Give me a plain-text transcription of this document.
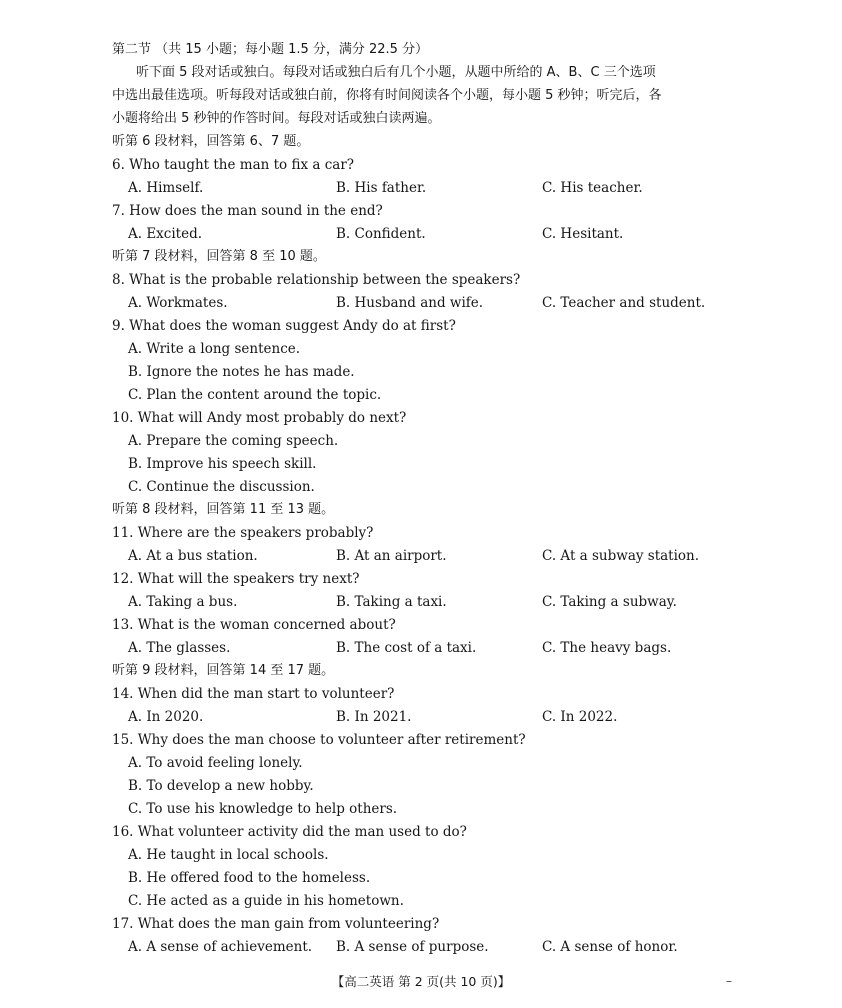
第二节 （共 15 小题；每小题 1.5 分，满分 22.5 分）
听下面 5 段对话或独白。每段对话或独白后有几个小题，从题中所给的 A、B、C 三个选项
中选出最佳选项。听每段对话或独白前，你将有时间阅读各个小题，每小题 5 秒钟；听完后，各
小题将给出 5 秒钟的作答时间。每段对话或独白读两遍。
听第 6 段材料，回答第 6、7 题。
6. Who taught the man to fix a car?
A. Himself.	B. His father.	C. His teacher.
7. How does the man sound in the end?
A. Excited.	B. Confident.	C. Hesitant.
听第 7 段材料，回答第 8 至 10 题。
8. What is the probable relationship between the speakers?
A. Workmates.	B. Husband and wife.	C. Teacher and student.
9. What does the woman suggest Andy do at first?
A. Write a long sentence.
B. Ignore the notes he has made.
C. Plan the content around the topic.
10. What will Andy most probably do next?
A. Prepare the coming speech.
B. Improve his speech skill.
C. Continue the discussion.
听第 8 段材料，回答第 11 至 13 题。
11. Where are the speakers probably?
A. At a bus station.	B. At an airport.	C. At a subway station.
12. What will the speakers try next?
A. Taking a bus.	B. Taking a taxi.	C. Taking a subway.
13. What is the woman concerned about?
A. The glasses.	B. The cost of a taxi.	C. The heavy bags.
听第 9 段材料，回答第 14 至 17 题。
14. When did the man start to volunteer?
A. In 2020.	B. In 2021.	C. In 2022.
15. Why does the man choose to volunteer after retirement?
A. To avoid feeling lonely.
B. To develop a new hobby.
C. To use his knowledge to help others.
16. What volunteer activity did the man used to do?
A. He taught in local schools.
B. He offered food to the homeless.
C. He acted as a guide in his hometown.
17. What does the man gain from volunteering?
A. A sense of achievement. B. A sense of purpose.	C. A sense of honor.
【高二英语 第 2 页(共 10 页)】	–
